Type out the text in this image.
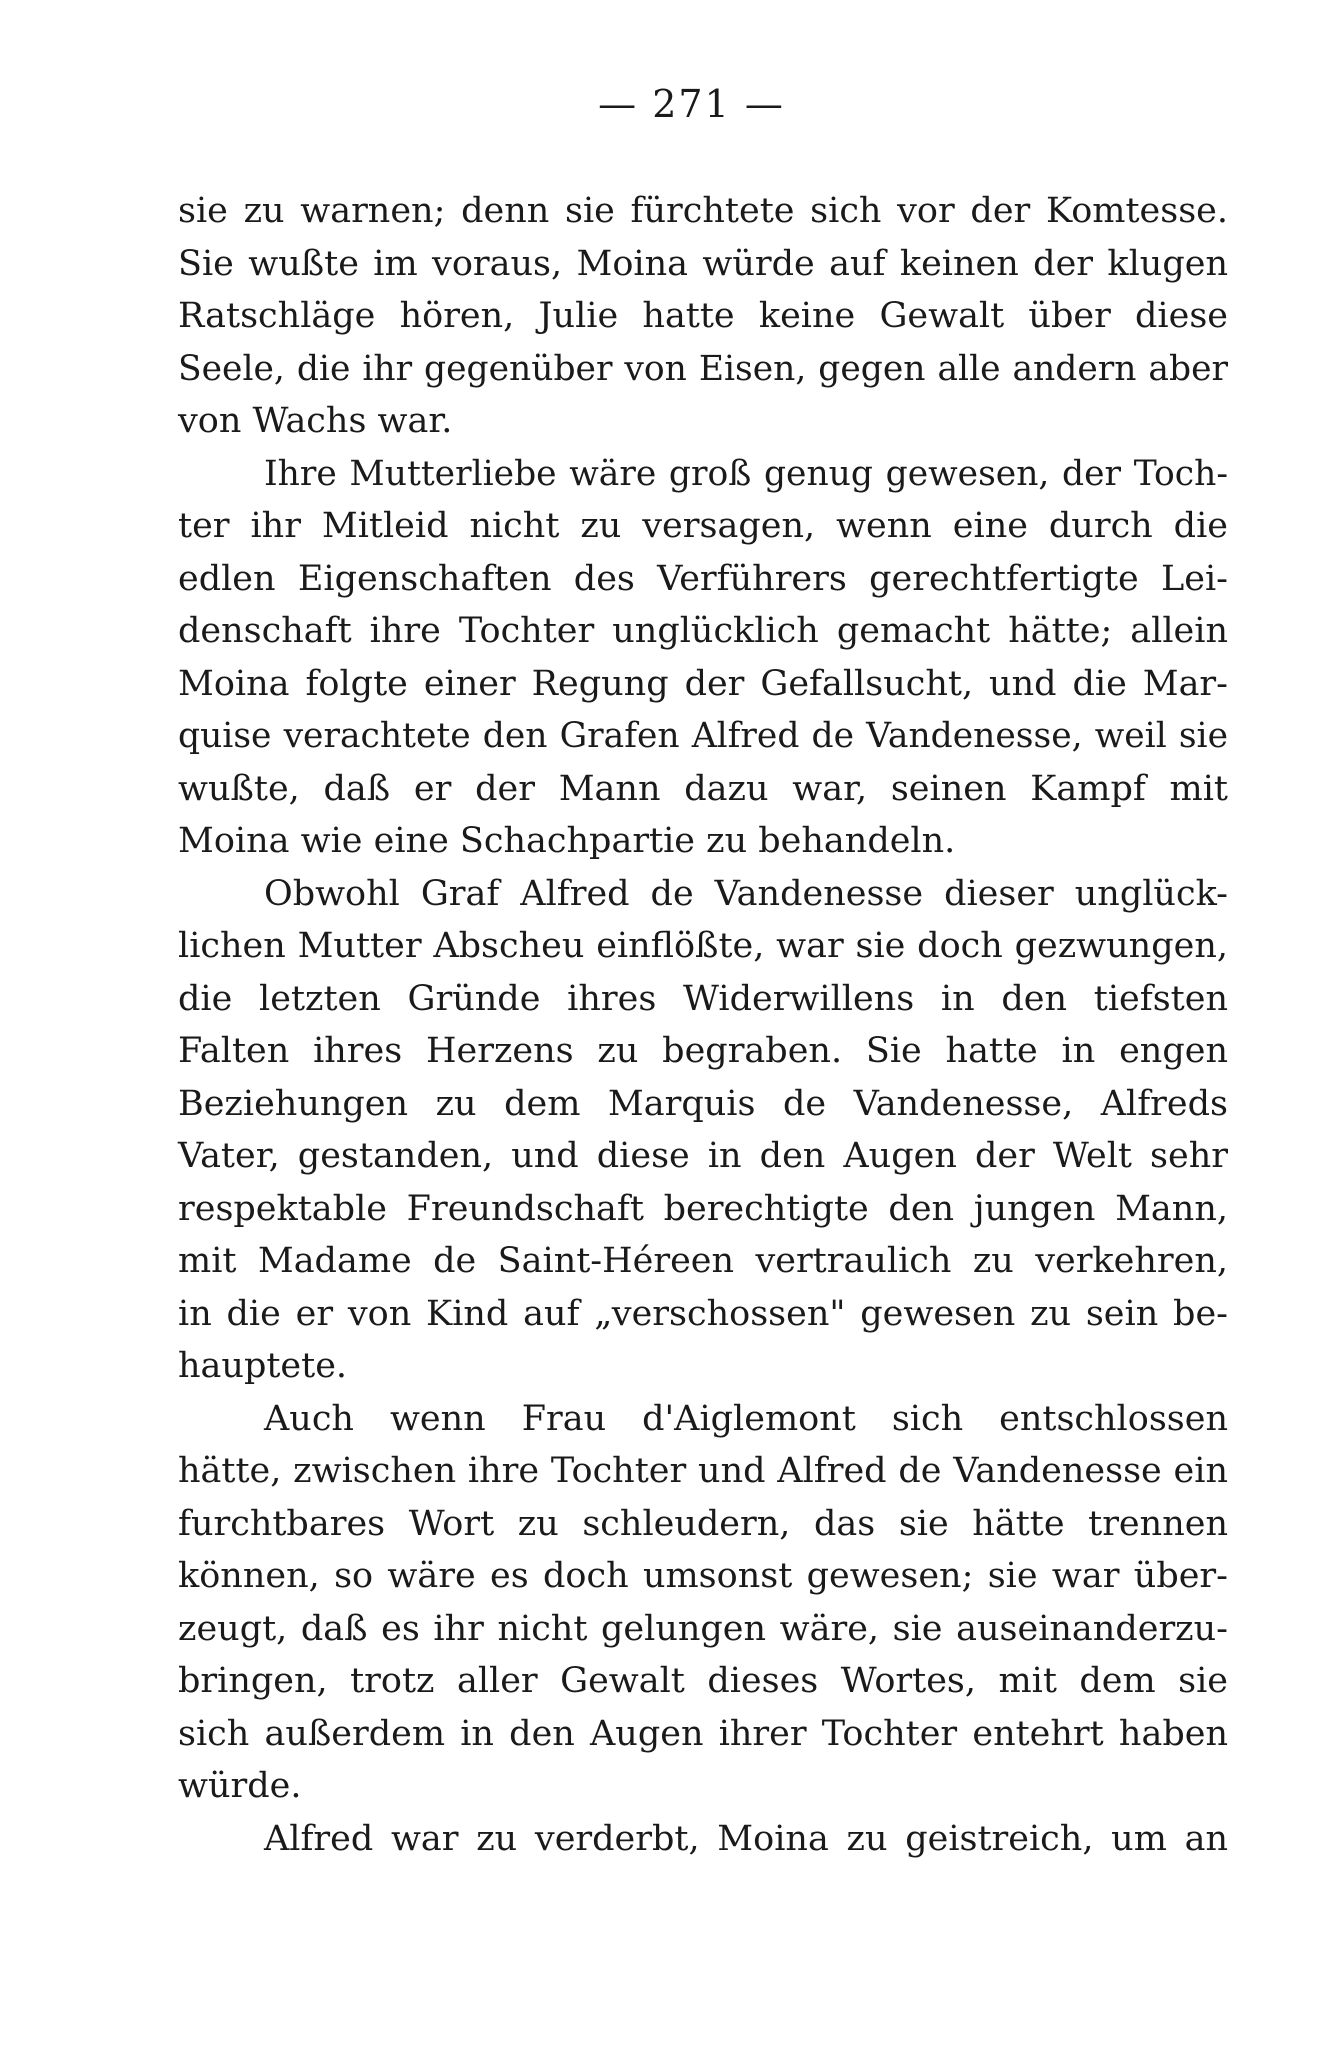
— 271 —
sie zu warnen; denn sie fürchtete sich vor der Komtesse.
Sie wußte im voraus, Moina würde auf keinen der klugen
Ratschläge hören, Julie hatte keine Gewalt über diese
Seele, die ihr gegenüber von Eisen, gegen alle andern aber
von Wachs war.
Ihre Mutterliebe wäre groß genug gewesen, der Toch-
ter ihr Mitleid nicht zu versagen, wenn eine durch die
edlen Eigenschaften des Verführers gerechtfertigte Lei-
denschaft ihre Tochter unglücklich gemacht hätte; allein
Moina folgte einer Regung der Gefallsucht, und die Mar-
quise verachtete den Grafen Alfred de Vandenesse, weil sie
wußte, daß er der Mann dazu war, seinen Kampf mit
Moina wie eine Schachpartie zu behandeln.
Obwohl Graf Alfred de Vandenesse dieser unglück-
lichen Mutter Abscheu einflößte, war sie doch gezwungen,
die letzten Gründe ihres Widerwillens in den tiefsten
Falten ihres Herzens zu begraben. Sie hatte in engen
Beziehungen zu dem Marquis de Vandenesse, Alfreds
Vater, gestanden, und diese in den Augen der Welt sehr
respektable Freundschaft berechtigte den jungen Mann,
mit Madame de Saint-Héreen vertraulich zu verkehren,
in die er von Kind auf „verschossen" gewesen zu sein be-
hauptete.
Auch wenn Frau d'Aiglemont sich entschlossen
hätte, zwischen ihre Tochter und Alfred de Vandenesse ein
furchtbares Wort zu schleudern, das sie hätte trennen
können, so wäre es doch umsonst gewesen; sie war über-
zeugt, daß es ihr nicht gelungen wäre, sie auseinanderzu-
bringen, trotz aller Gewalt dieses Wortes, mit dem sie
sich außerdem in den Augen ihrer Tochter entehrt haben
würde.
Alfred war zu verderbt, Moina zu geistreich, um an
